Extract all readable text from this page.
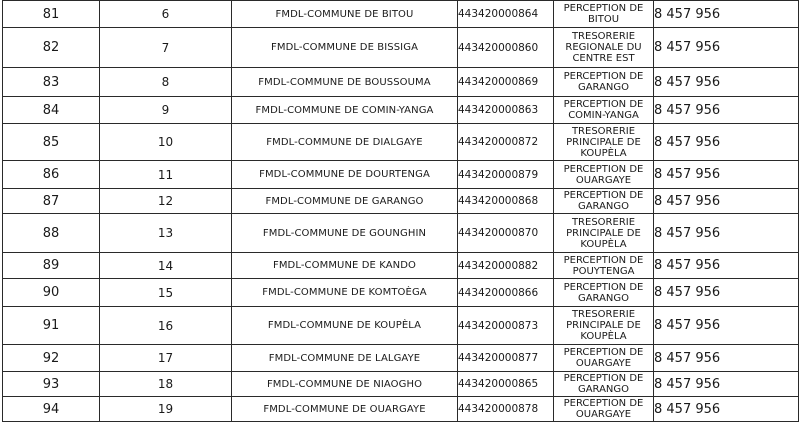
81	6	FMDL-COMMUNE DE BITOU	443420000864	PERCEPTION DE
BITOU	8 457 956
82	7	FMDL-COMMUNE DE BISSIGA	443420000860	TRESORERIE
REGIONALE DU
CENTRE EST	8 457 956
83	8	FMDL-COMMUNE DE BOUSSOUMA	443420000869	PERCEPTION DE
GARANGO	8 457 956
84	9	FMDL-COMMUNE DE COMIN-YANGA	443420000863	PERCEPTION DE
COMIN-YANGA	8 457 956
85	10	FMDL-COMMUNE DE DIALGAYE	443420000872	TRESORERIE
PRINCIPALE DE
KOUPÈLA	8 457 956
86	11	FMDL-COMMUNE DE DOURTENGA	443420000879	PERCEPTION DE
OUARGAYE	8 457 956
87	12	FMDL-COMMUNE DE GARANGO	443420000868	PERCEPTION DE
GARANGO	8 457 956
88	13	FMDL-COMMUNE DE GOUNGHIN	443420000870	TRESORERIE
PRINCIPALE DE
KOUPÈLA	8 457 956
89	14	FMDL-COMMUNE DE KANDO	443420000882	PERCEPTION DE
POUYTENGA	8 457 956
90	15	FMDL-COMMUNE DE KOMTOÈGA	443420000866	PERCEPTION DE
GARANGO	8 457 956
91	16	FMDL-COMMUNE DE KOUPÈLA	443420000873	TRESORERIE
PRINCIPALE DE
KOUPÈLA	8 457 956
92	17	FMDL-COMMUNE DE LALGAYE	443420000877	PERCEPTION DE
OUARGAYE	8 457 956
93	18	FMDL-COMMUNE DE NIAOGHO	443420000865	PERCEPTION DE
GARANGO	8 457 956
94	19	FMDL-COMMUNE DE OUARGAYE	443420000878	PERCEPTION DE
OUARGAYE	8 457 956
